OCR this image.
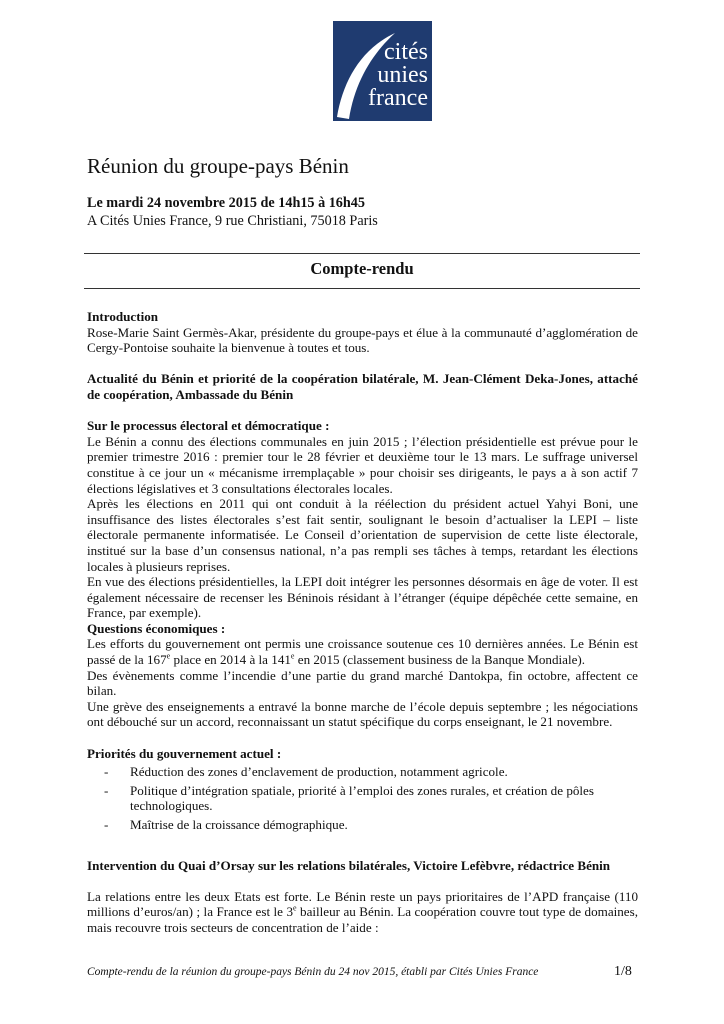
cités
unies
france
Réunion du groupe-pays Bénin
Le mardi 24 novembre 2015 de 14h15 à 16h45
A Cités Unies France, 9 rue Christiani, 75018 Paris
Compte-rendu

Introduction

Rose-Marie Saint Germès-Akar, présidente du groupe-pays et élue à la communauté d’agglomération de Cergy-Pontoise souhaite la bienvenue à toutes et tous.

Actualité du Bénin et priorité de la coopération bilatérale, M. Jean-Clément Deka-Jones, attaché de coopération, Ambassade du Bénin

Sur le processus électoral et démocratique :

Le Bénin a connu des élections communales en juin 2015 ; l’élection présidentielle est prévue pour le premier trimestre 2016 : premier tour le 28 février et deuxième tour le 13 mars. Le suffrage universel constitue à ce jour un « mécanisme irremplaçable » pour choisir ses dirigeants, le pays a à son actif 7 élections législatives et 3 consultations électorales locales.

Après les élections en 2011 qui ont conduit à la réélection du président actuel Yahyi Boni, une insuffisance des listes électorales s’est fait sentir, soulignant le besoin d’actualiser la LEPI – liste électorale permanente informatisée. Le Conseil d’orientation de supervision de cette liste électorale, institué sur la base d’un consensus national, n’a pas rempli ses tâches à temps, retardant les élections locales à plusieurs reprises.

En vue des élections présidentielles, la LEPI doit intégrer les personnes désormais en âge de voter. Il est également nécessaire de recenser les Béninois résidant à l’étranger (équipe dépêchée cette semaine, en France, par exemple).

Questions économiques :

Les efforts du gouvernement ont permis une croissance soutenue ces 10 dernières années. Le Bénin est passé de la 167e place en 2014 à la 141e en 2015 (classement business de la Banque Mondiale).

Des évènements comme l’incendie d’une partie du grand marché Dantokpa, fin octobre, affectent ce bilan.

Une grève des enseignements a entravé la bonne marche de l’école depuis septembre ; les négociations ont débouché sur un accord, reconnaissant un statut spécifique du corps enseignant, le 21 novembre.

Priorités du gouvernement actuel :

- Réduction des zones d’enclavement de production, notamment agricole.
- Politique d’intégration spatiale, priorité à l’emploi des zones rurales, et création de pôles technologiques.
- Maîtrise de la croissance démographique.

Intervention du Quai d’Orsay sur les relations bilatérales, Victoire Lefèbvre, rédactrice Bénin

La relations entre les deux Etats est forte. Le Bénin reste un pays prioritaires de l’APD française (110 millions d’euros/an) ; la France est le 3e bailleur au Bénin. La coopération couvre tout type de domaines, mais recouvre trois secteurs de concentration de l’aide :

Compte-rendu de la réunion du groupe-pays Bénin du 24 nov 2015, établi par Cités Unies France	1/8
